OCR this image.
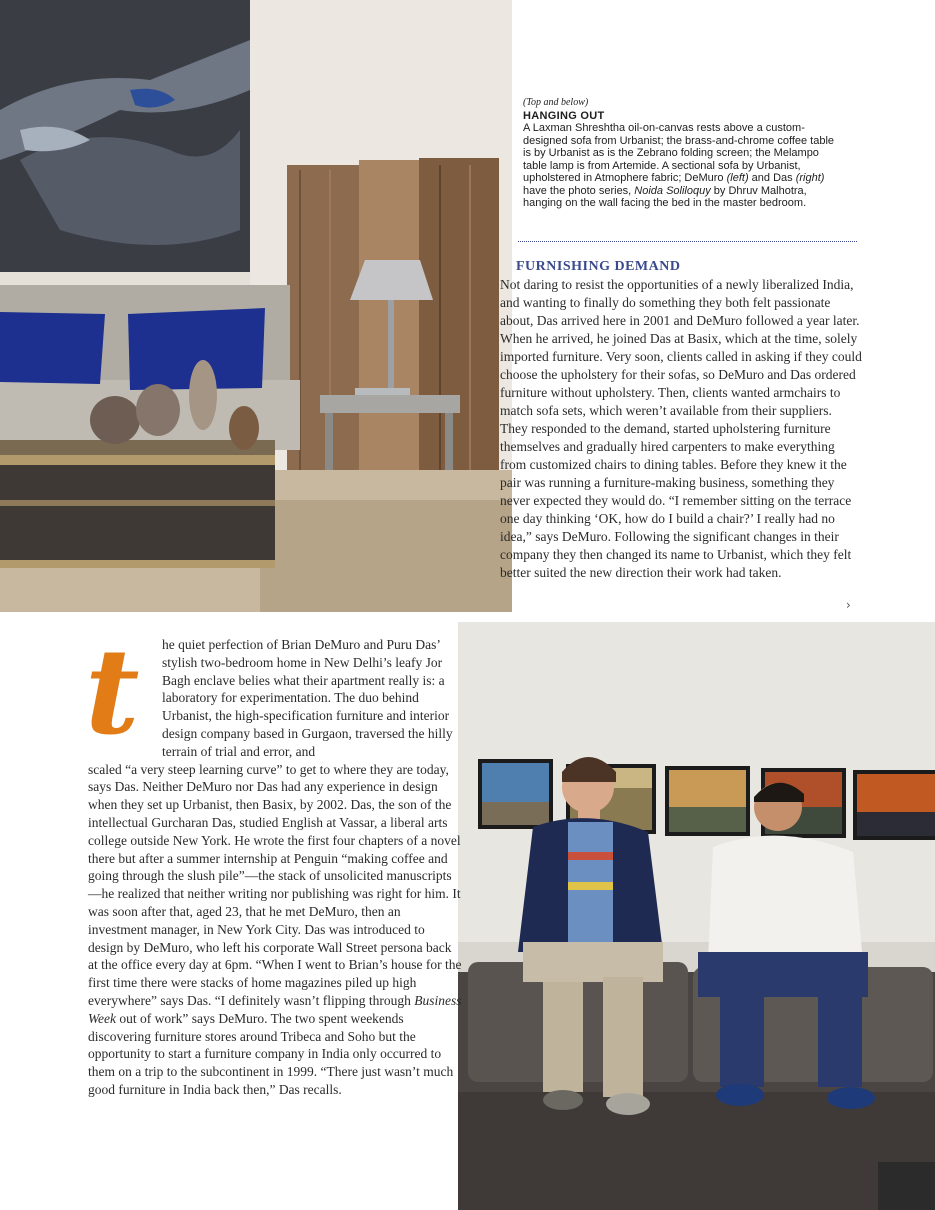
(Top and below)

HANGING OUT

A Laxman Shreshtha oil-on-canvas rests above a custom-designed sofa from Urbanist; the brass-and-chrome coffee table is by Urbanist as is the Zebrano folding screen; the Melampo table lamp is from Artemide. A sectional sofa by Urbanist, upholstered in Atmophere fabric; DeMuro (left) and Das (right) have the photo series, Noida Soliloquy by Dhruv Malhotra, hanging on the wall facing the bed in the master bedroom.

FURNISHING DEMAND

Not daring to resist the opportunities of a newly liberalized India, and wanting to finally do something they both felt passionate about, Das arrived here in 2001 and DeMuro followed a year later. When he arrived, he joined Das at Basix, which at the time, solely imported furniture. Very soon, clients called in asking if they could choose the upholstery for their sofas, so DeMuro and Das ordered furniture without upholstery. Then, clients wanted armchairs to match sofa sets, which weren’t available from their suppliers. They responded to the demand, started upholstering furniture themselves and gradually hired carpenters to make everything from customized chairs to dining tables. Before they knew it the pair was running a furniture-making business, something they never expected they would do. “I remember sitting on the terrace one day thinking ‘OK, how do I build a chair?’ I really had no idea,” says DeMuro. Following the significant changes in their company they then changed its name to Urbanist, which they felt better suited the new direction their work had taken.

›
t	he quiet perfection of Brian DeMuro and Puru Das’ stylish two-bedroom home in New Delhi’s leafy Jor Bagh enclave belies what their apartment really is: a laboratory for experimentation. The duo behind Urbanist, the high-specification furniture and interior design company based in Gurgaon, traversed the hilly terrain of trial and error, and

scaled “a very steep learning curve” to get to where they are today, says Das. Neither DeMuro nor Das had any experience in design when they set up Urbanist, then Basix, by 2002. Das, the son of the intellectual Gurcharan Das, studied English at Vassar, a liberal arts college outside New York. He wrote the first four chapters of a novel there but after a summer internship at Penguin “making coffee and going through the slush pile”—the stack of unsolicited manuscripts—he realized that neither writing nor publishing was right for him. It was soon after that, aged 23, that he met DeMuro, then an investment manager, in New York City. Das was introduced to design by DeMuro, who left his corporate Wall Street persona back at the office every day at 6pm. “When I went to Brian’s house for the first time there were stacks of home magazines piled up high everywhere” says Das. “I definitely wasn’t flipping through Business Week out of work” says DeMuro. The two spent weekends discovering furniture stores around Tribeca and Soho but the opportunity to start a furniture company in India only occurred to them on a trip to the subcontinent in 1999. “There just wasn’t much good furniture in India back then,” Das recalls.
